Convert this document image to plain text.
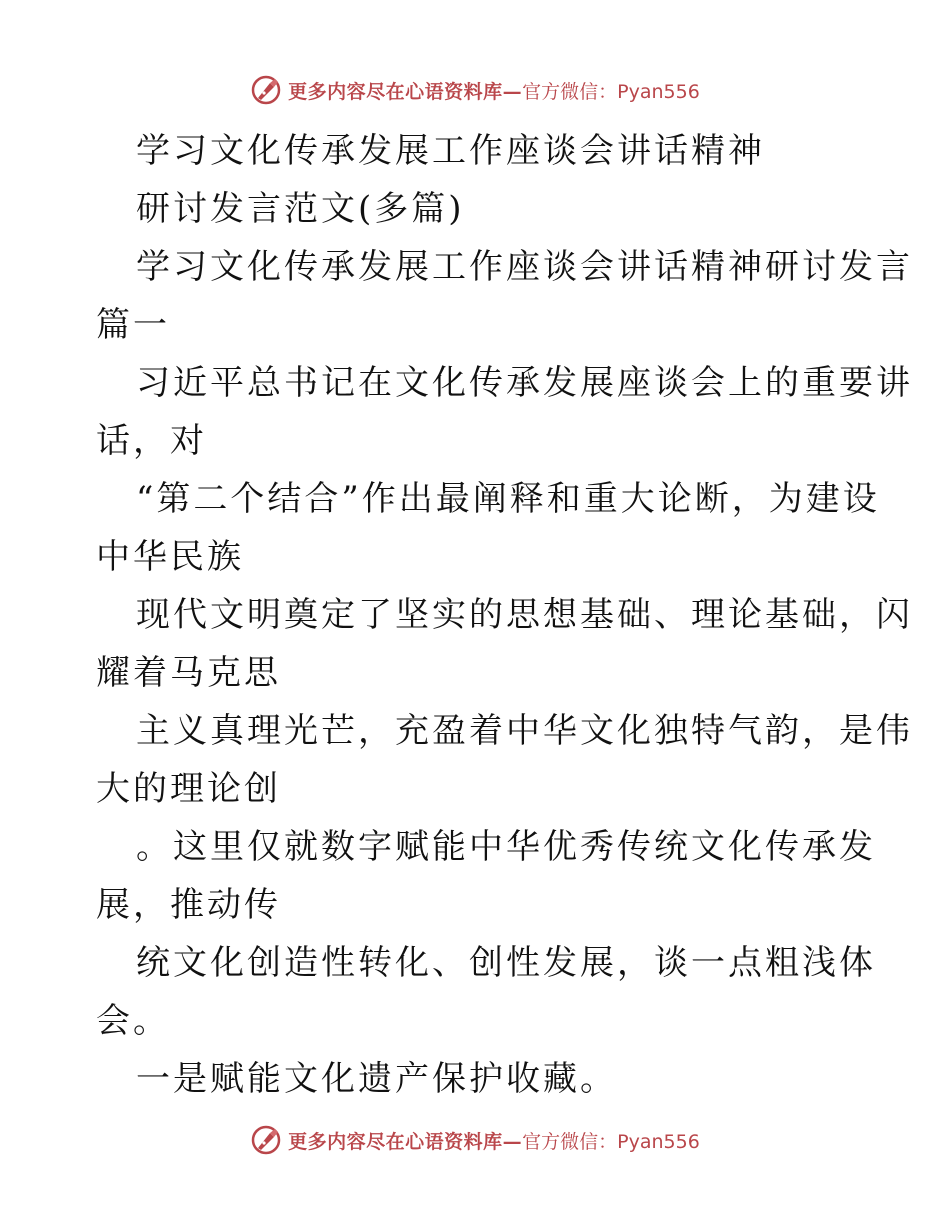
更多内容尽在心语资料库— 官方微信：Pyan556
学习文化传承发展工作座谈会讲话精神
研讨发言范文(多篇)
学习文化传承发展工作座谈会讲话精神研讨发言
篇一
习近平总书记在文化传承发展座谈会上的重要讲
话，对
“第二个结合”作出最阐释和重大论断，为建设
中华民族
现代文明奠定了坚实的思想基础、理论基础，闪
耀着马克思
主义真理光芒，充盈着中华文化独特气韵，是伟
大的理论创
。这里仅就数字赋能中华优秀传统文化传承发
展，推动传
统文化创造性转化、创性发展，谈一点粗浅体
会。
一是赋能文化遗产保护收藏。
更多内容尽在心语资料库— 官方微信：Pyan556
